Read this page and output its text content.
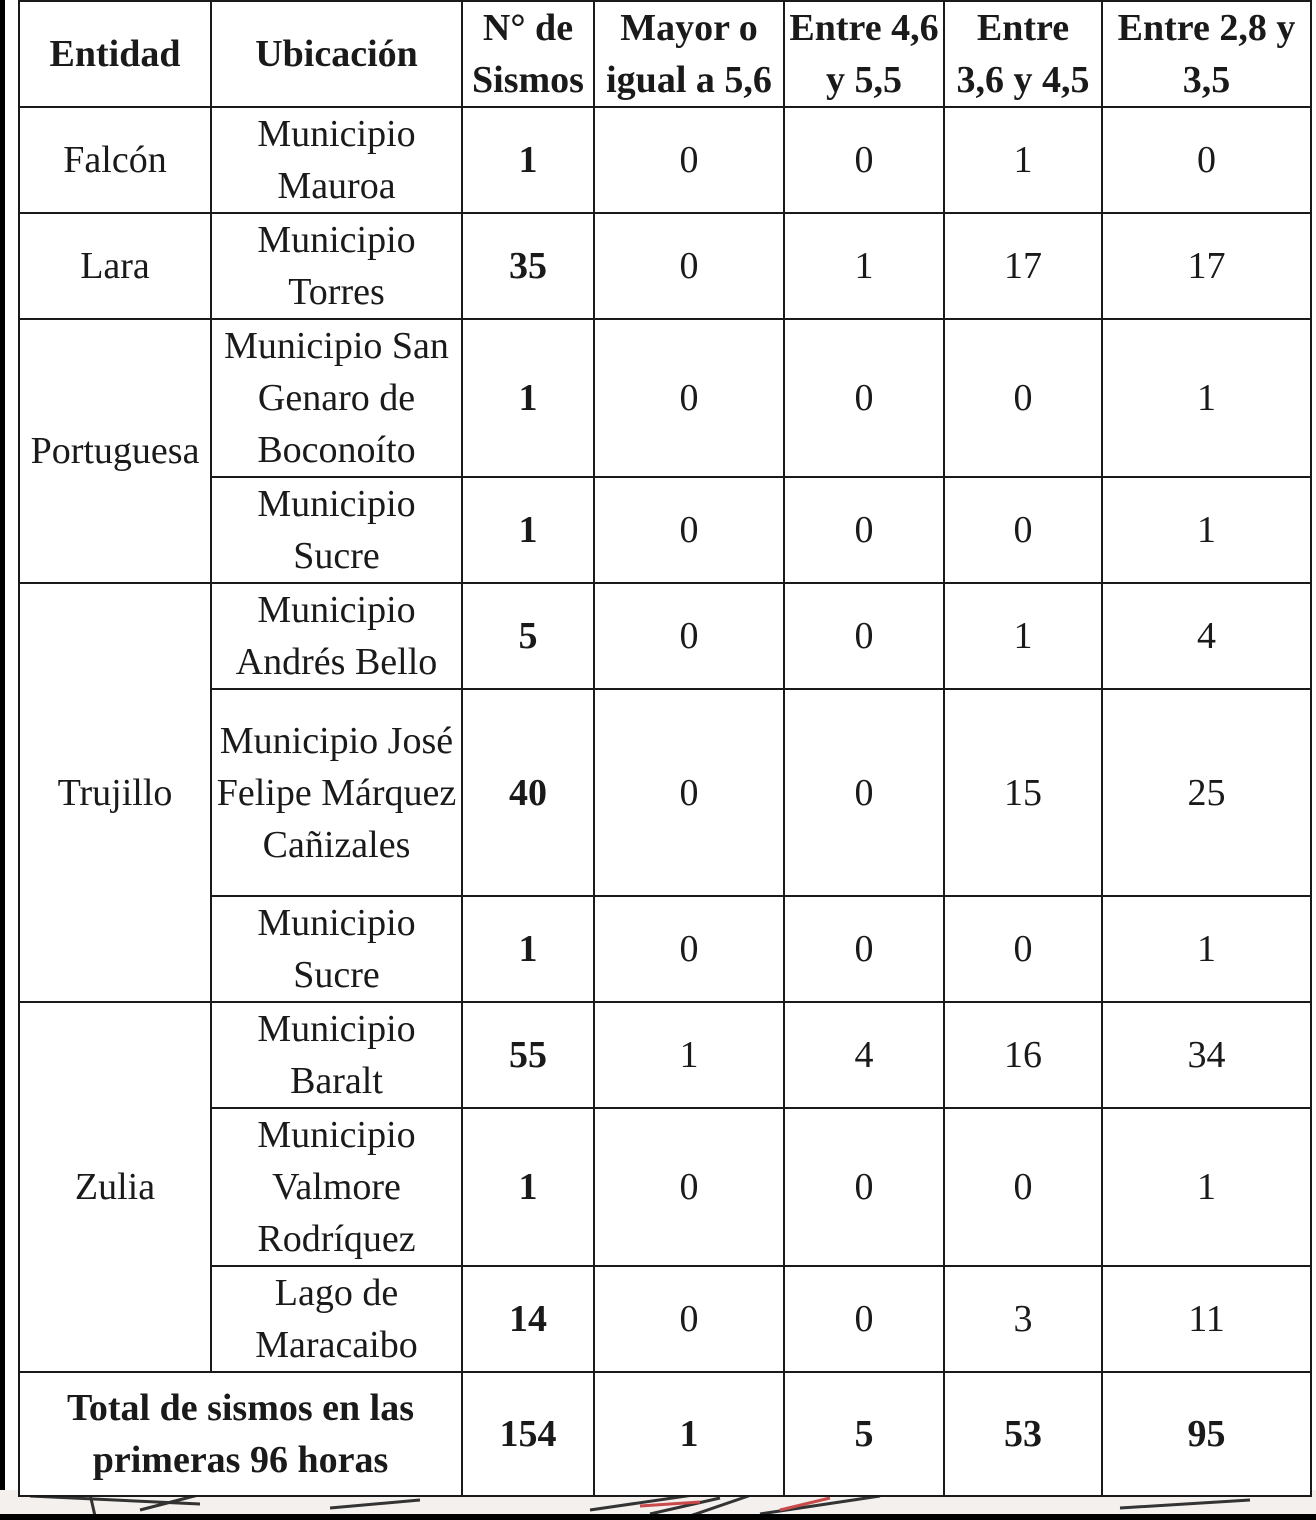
Entidad	Ubicación	N° de Sismos	Mayor o igual a 5,6	Entre 4,6 y 5,5	Entre 3,6 y 4,5	Entre 2,8 y 3,5
Falcón	Municipio Mauroa	1	0	0	1	0
Lara	Municipio Torres	35	0	1	17	17
Portuguesa	Municipio San Genaro de Boconoíto	1	0	0	0	1
	Municipio Sucre	1	0	0	0	1
Trujillo	Municipio Andrés Bello	5	0	0	1	4
	Municipio José Felipe Márquez Cañizales	40	0	0	15	25
	Municipio Sucre	1	0	0	0	1
Zulia	Municipio Baralt	55	1	4	16	34
	Municipio Valmore Rodríquez	1	0	0	0	1
	Lago de Maracaibo	14	0	0	3	11
Total de sismos en las primeras 96 horas		154	1	5	53	95
